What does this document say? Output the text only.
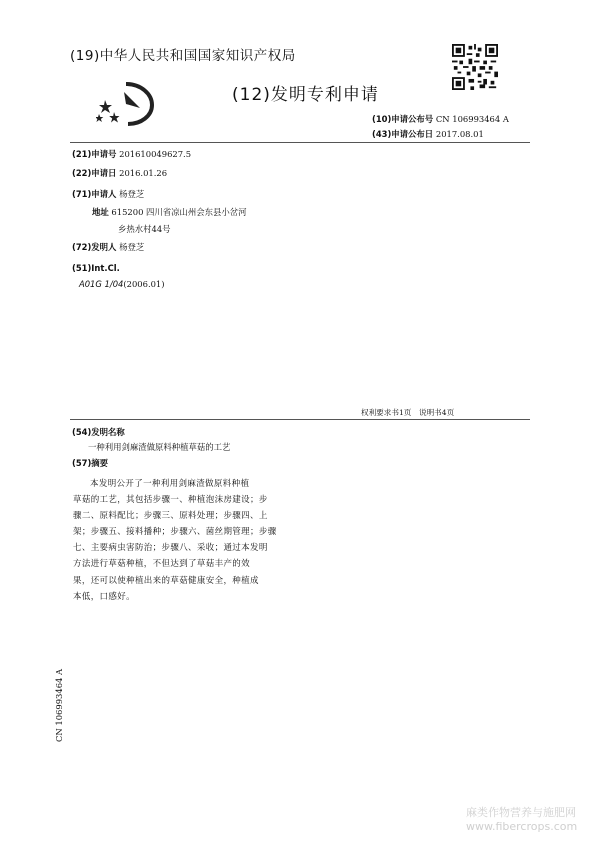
(19)中华人民共和国国家知识产权局
(12)发明专利申请
(10)申请公布号 CN 106993464 A
(43)申请公布日 2017.08.01
(21)申请号 201610049627.5
(22)申请日 2016.01.26
(71)申请人 杨登芝
地址 615200 四川省凉山州会东县小岔河
乡热水村44号
(72)发明人 杨登芝
(51)Int.Cl.
A01G 1/04(2006.01)
权利要求书1页　说明书4页
(54)发明名称
一种利用剑麻渣做原料种植草菇的工艺
(57)摘要
本发明公开了一种利用剑麻渣做原料种植
草菇的工艺，其包括步骤一、种植泡沫房建设；步
骤二、原料配比；步骤三、原料处理；步骤四、上
架；步骤五、接料播种；步骤六、菌丝期管理；步骤
七、主要病虫害防治；步骤八、采收；通过本发明
方法进行草菇种植，不但达到了草菇丰产的效
果，还可以使种植出来的草菇健康安全，种植成
本低，口感好。
CN 106993464 A
麻类作物营养与施肥网
www.fibercrops.com
